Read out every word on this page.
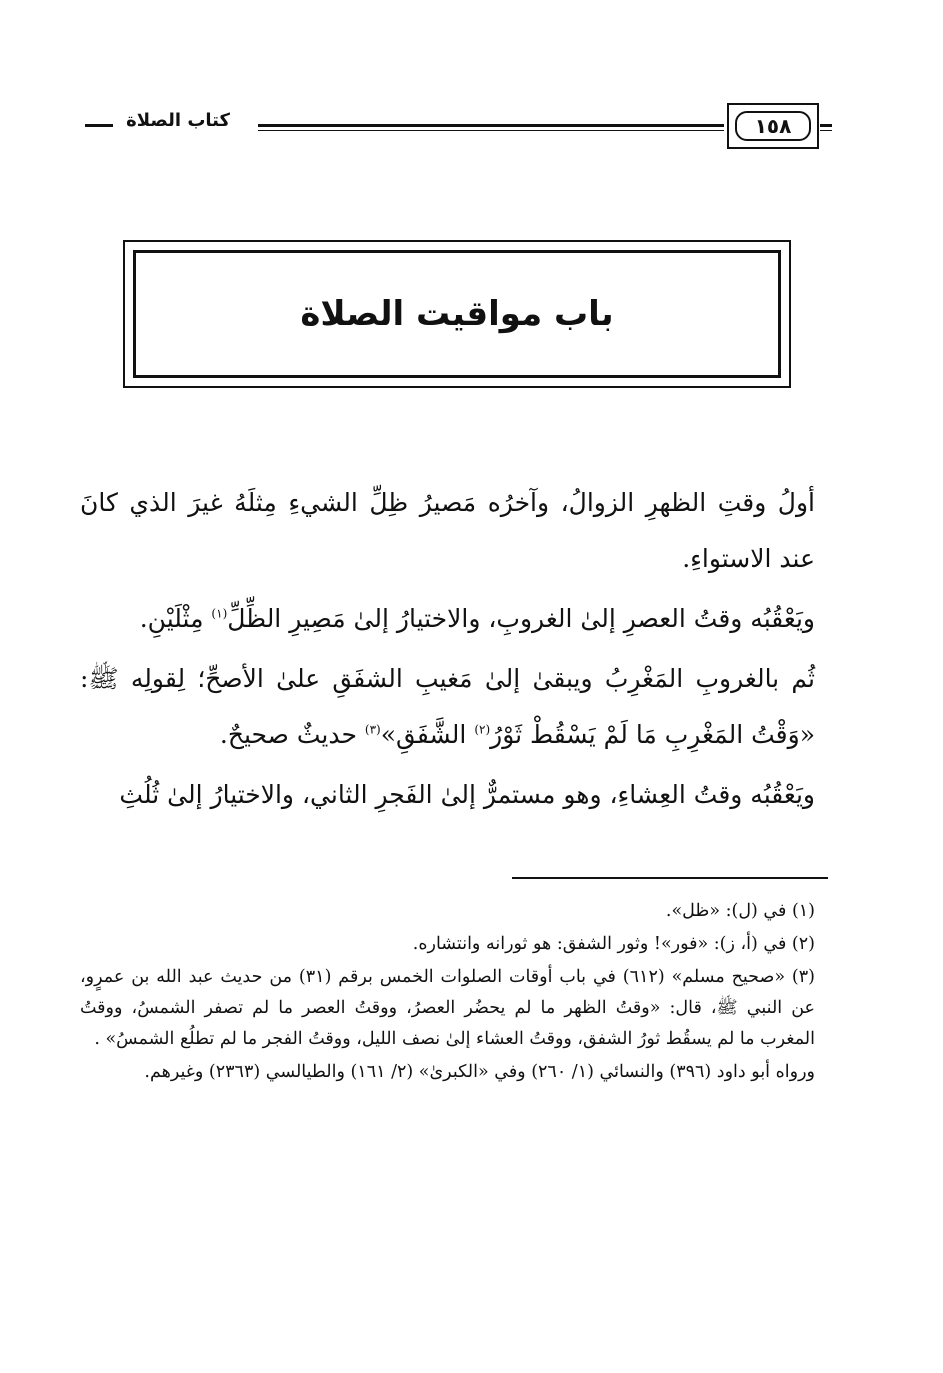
١٥٨
كتاب الصلاة
باب مواقيت الصلاة

أولُ وقتِ الظهرِ الزوالُ، وآخرُه مَصيرُ ظِلِّ الشيءِ مِثلَهُ غيرَ الذي كانَ عند الاستواءِ.

ويَعْقُبُه وقتُ العصرِ إلىٰ الغروبِ، والاختيارُ إلىٰ مَصِيرِ الظِّلِّ$^{(١)}$ مِثْلَيْنِ.

ثُم بالغروبِ المَغْرِبُ ويبقىٰ إلىٰ مَغيبِ الشفَقِ علىٰ الأصحِّ؛ لِقولِه ﷺ: «وَقْتُ المَغْرِبِ مَا لَمْ يَسْقُطْ ثَوْرُ$^{(٢)}$ الشَّفَقِ»$^{(٣)}$ حديثٌ صحيحٌ.

ويَعْقُبُه وقتُ العِشاءِ، وهو مستمرٌّ إلىٰ الفَجرِ الثاني، والاختيارُ إلىٰ ثُلُثِ

(١) في (ل): «ظل».

(٢) في (أ، ز): «فور»! وثور الشفق: هو ثورانه وانتشاره.

(٣) «صحيح مسلم» (٦١٢) في باب أوقات الصلوات الخمس برقم (٣١) من حديث عبد الله بن عمرٍو، عن النبي ﷺ، قال: «وقتُ الظهر ما لم يحضُر العصرُ، ووقتُ العصر ما لم تصفر الشمسُ، ووقتُ المغرب ما لم يسقُط ثورُ الشفق، ووقتُ العشاء إلىٰ نصف الليل، ووقتُ الفجر ما لم تطلُع الشمسُ» .

ورواه أبو داود (٣٩٦) والنسائي (١/ ٢٦٠) وفي «الكبرىٰ» (٢/ ١٦١) والطيالسي (٢٣٦٣) وغيرهم.
